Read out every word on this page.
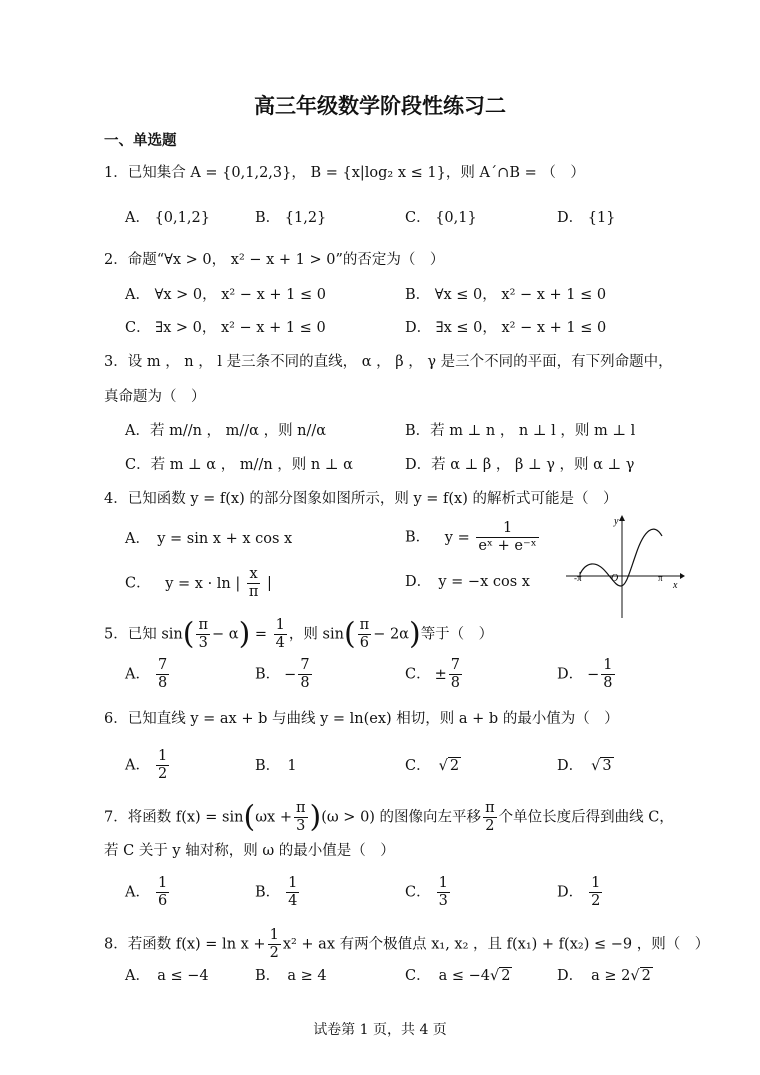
高三年级数学阶段性练习二
一、单选题
1．已知集合 A = {0,1,2,3}， B = {x|log₂ x ≤ 1}，则 A´∩B = （　）
A． {0,1,2}	B． {1,2}	C． {0,1}	D． {1}
2．命题“∀x > 0， x² − x + 1 > 0”的否定为（　）
A． ∀x > 0， x² − x + 1 ≤ 0	B． ∀x ≤ 0， x² − x + 1 ≤ 0
C． ∃x > 0， x² − x + 1 ≤ 0	D． ∃x ≤ 0， x² − x + 1 ≤ 0
3．设 m ， n ， l 是三条不同的直线， α ， β ， γ 是三个不同的平面，有下列命题中，
真命题为（　）
A．若 m//n ， m//α ，则 n//α	B．若 m ⊥ n ， n ⊥ l ，则 m ⊥ l
C．若 m ⊥ α ， m//n ，则 n ⊥ α	D．若 α ⊥ β ， β ⊥ γ ，则 α ⊥ γ
4．已知函数 y = f(x) 的部分图象如图所示，则 y = f(x) 的解析式可能是（　）
A．　y = sin x + x cos x	B． $y = \frac{1}{\text{eˣ + e⁻ˣ}}$
C． y = x · ln | $\frac{x}{\pi}$ |	D．　y = −x cos x
y
x
O
-π	π
5．已知 $\sin( \frac{\pi}{3} - \alpha) = \frac{1}{4}$ ，则 $\sin( \frac{\pi}{6} - 2\alpha)$等于（　）
A． $\frac{7}{8}$	B． − $\frac{7}{8}$	C． ± $\frac{7}{8}$	D． − $\frac{1}{8}$
6．已知直线 y = ax + b 与曲线 y = ln(ex) 相切，则 a + b 的最小值为（　）
A． $\frac{1}{2}$	B．　1	C． √ 2	D． √ 3
7．将函数 $f(x) = \sin(\omega x + \frac{\pi}{3} )(\omega > 0)$ 的图像向左平移 $\frac{\pi}{2}$ 个单位长度后得到曲线 C，
若 C 关于 y 轴对称，则 ω 的最小值是（　）
A． $\frac{1}{6}$	B． $\frac{1}{4}$	C． $\frac{1}{3}$	D． $\frac{1}{2}$
8．若函数 $f(x) = \ln x + \frac{1}{2} x^2$ + ax 有两个极值点 x₁, x₂ ，且 f(x₁) + f(x₂) ≤ −9 ，则（　）
A．　a ≤ −4	B．　a ≥ 4	C． a ≤ −4√ 2	D． a ≥ 2√ 2
试卷第 1 页，共 4 页
